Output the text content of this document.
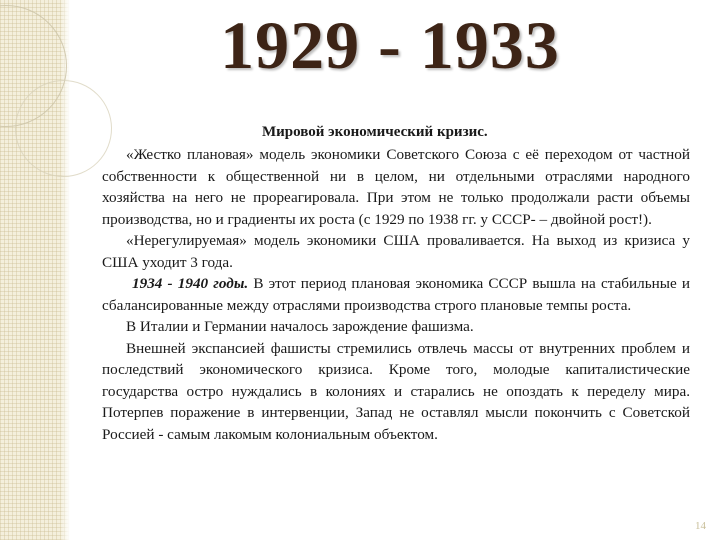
1929 - 1933
Мировой экономический кризис.

«Жестко плановая» модель экономики Советского Союза с её переходом от частной собственности к общественной ни в целом, ни отдельными отраслями народного хозяйства на него не прореагировала. При этом не только продолжали расти объемы производства, но и градиенты их роста (с 1929 по 1938 гг. у СССР- – двойной рост!).

«Нерегулируемая» модель экономики США проваливается. На выход из кризиса у США уходит 3 года.

1934 - 1940 годы. В этот период плановая экономика СССР вышла на стабильные и сбалансированные между отраслями производства строго плановые темпы роста.

В Италии и Германии началось зарождение фашизма.

Внешней экспансией фашисты стремились отвлечь массы от внутренних проблем и последствий экономического кризиса. Кроме того, молодые капиталистические государства остро нуждались в колониях и старались не опоздать к переделу мира. Потерпев поражение в интервенции, Запад не оставлял мысли покончить с Советской Россией - самым лакомым колониальным объектом.

14
